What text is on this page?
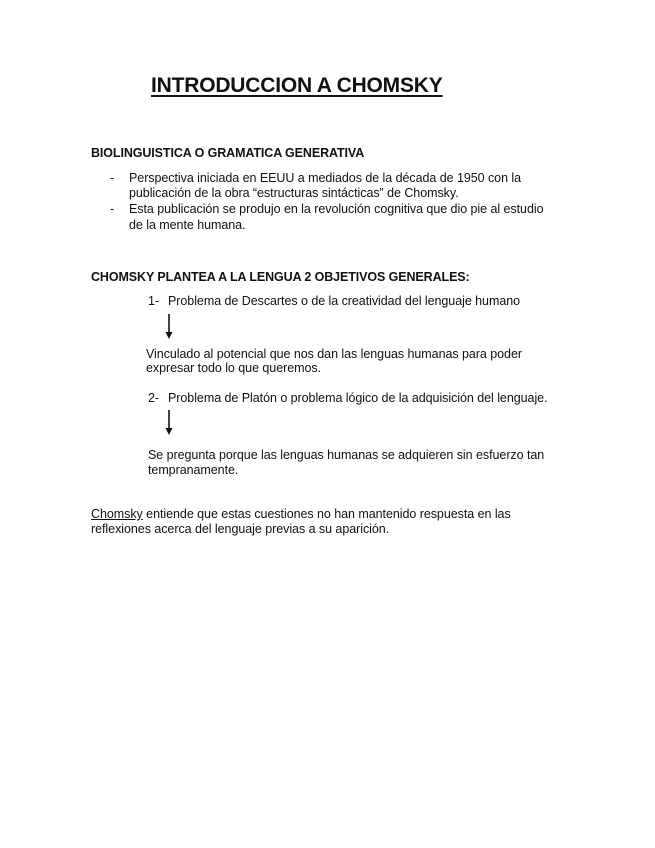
INTRODUCCION A CHOMSKY
BIOLINGUISTICA O GRAMATICA GENERATIVA
- Perspectiva iniciada en EEUU a mediados de la década de 1950 con la
publicación de la obra “estructuras sintácticas” de Chomsky.
- Esta publicación se produjo en la revolución cognitiva que dio pie al estudio
de la mente humana.
CHOMSKY PLANTEA A LA LENGUA 2 OBJETIVOS GENERALES:
1- Problema de Descartes o de la creatividad del lenguaje humano
Vinculado al potencial que nos dan las lenguas humanas para poder
expresar todo lo que queremos.
2- Problema de Platón o problema lógico de la adquisición del lenguaje.
Se pregunta porque las lenguas humanas se adquieren sin esfuerzo tan
tempranamente.
Chomsky entiende que estas cuestiones no han mantenido respuesta en las
reflexiones acerca del lenguaje previas a su aparición.
